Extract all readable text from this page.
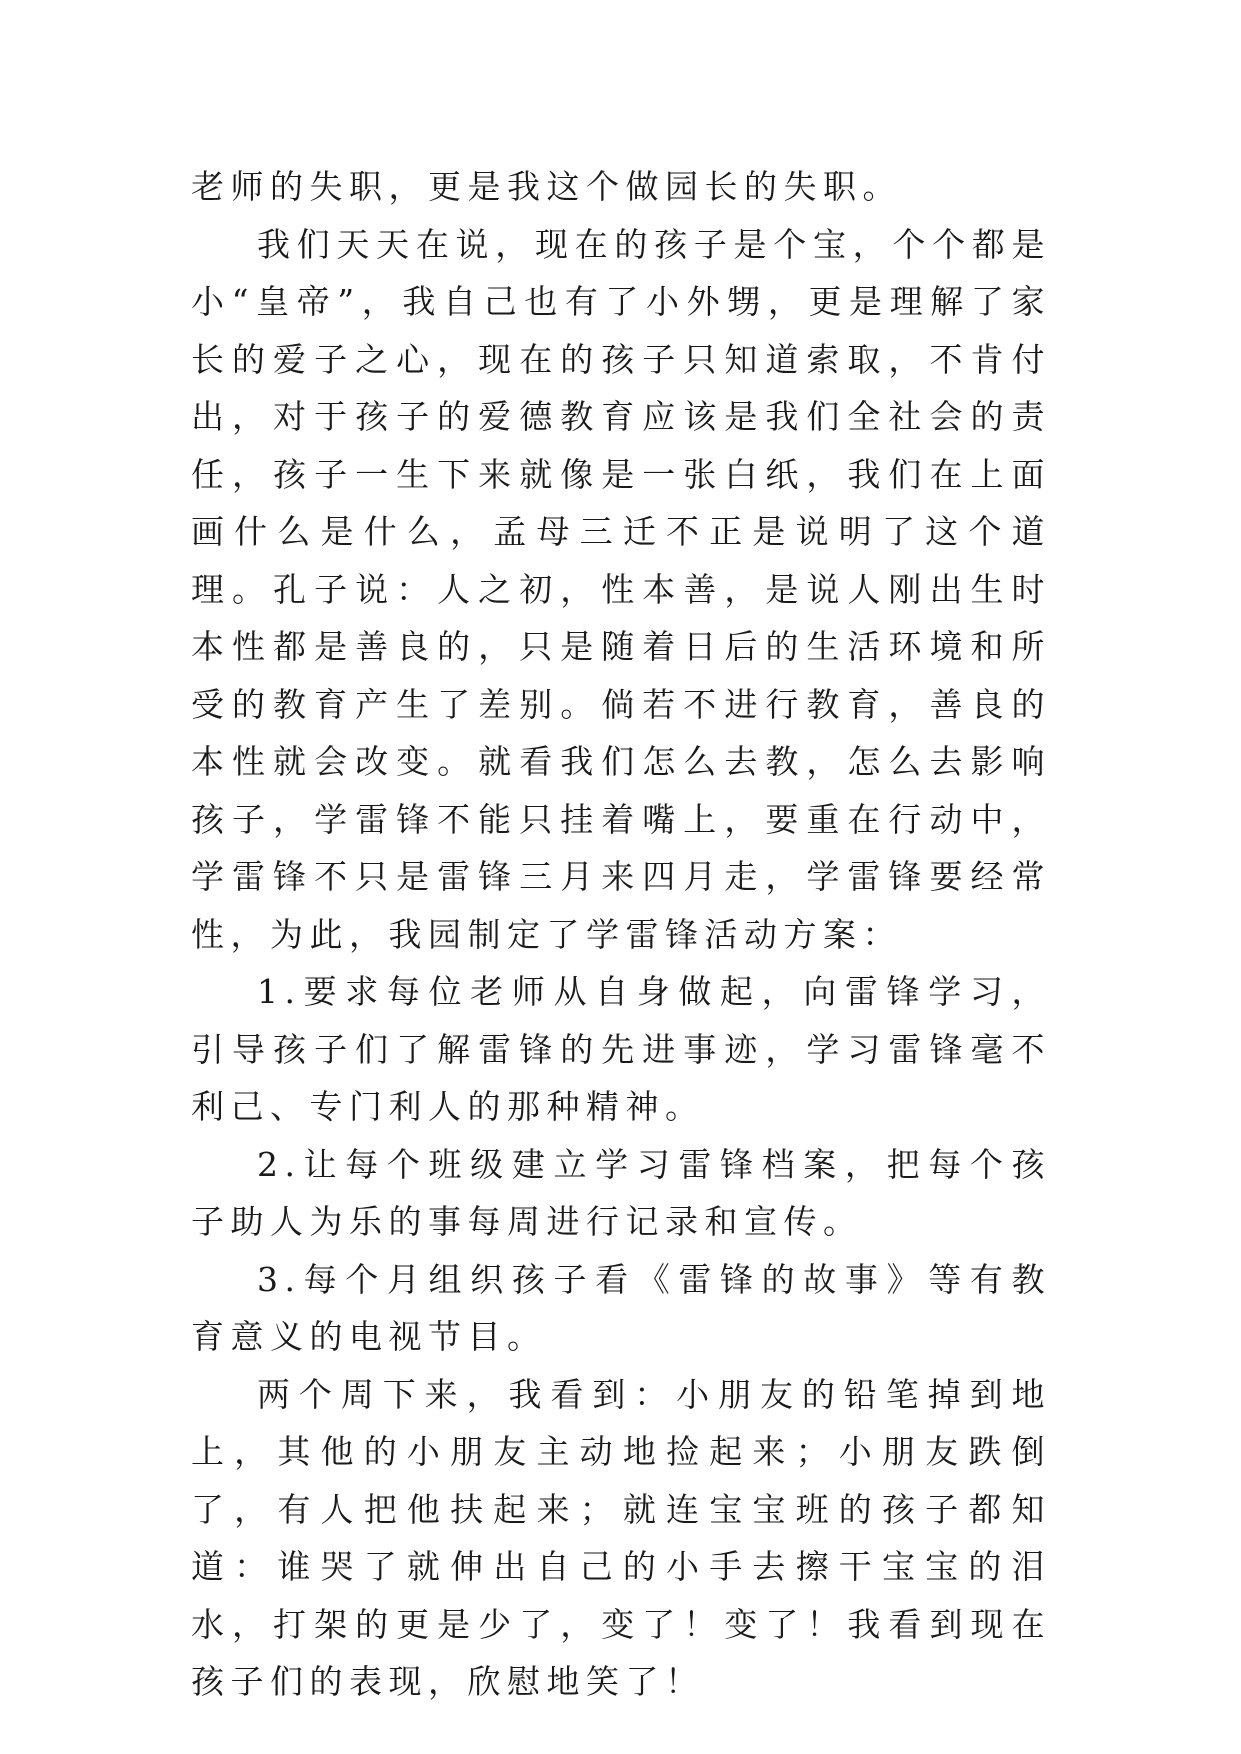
老师的失职，更是我这个做园长的失职。

我们天天在说，现在的孩子是个宝，个个都是小“皇帝”，我自己也有了小外甥，更是理解了家长的爱子之心，现在的孩子只知道索取，不肯付出，对于孩子的爱德教育应该是我们全社会的责任，孩子一生下来就像是一张白纸，我们在上面画什么是什么，孟母三迁不正是说明了这个道理。孔子说：人之初，性本善，是说人刚出生时本性都是善良的，只是随着日后的生活环境和所受的教育产生了差别。倘若不进行教育，善良的本性就会改变。就看我们怎么去教，怎么去影响孩子，学雷锋不能只挂着嘴上，要重在行动中，学雷锋不只是雷锋三月来四月走，学雷锋要经常性，为此，我园制定了学雷锋活动方案：

1.要求每位老师从自身做起，向雷锋学习，引导孩子们了解雷锋的先进事迹，学习雷锋毫不利己、专门利人的那种精神。

2.让每个班级建立学习雷锋档案，把每个孩子助人为乐的事每周进行记录和宣传。

3.每个月组织孩子看《雷锋的故事》等有教育意义的电视节目。

两个周下来，我看到：小朋友的铅笔掉到地上，其他的小朋友主动地捡起来；小朋友跌倒了，有人把他扶起来；就连宝宝班的孩子都知道：谁哭了就伸出自己的小手去擦干宝宝的泪水，打架的更是少了，变了！变了！我看到现在孩子们的表现，欣慰地笑了！
